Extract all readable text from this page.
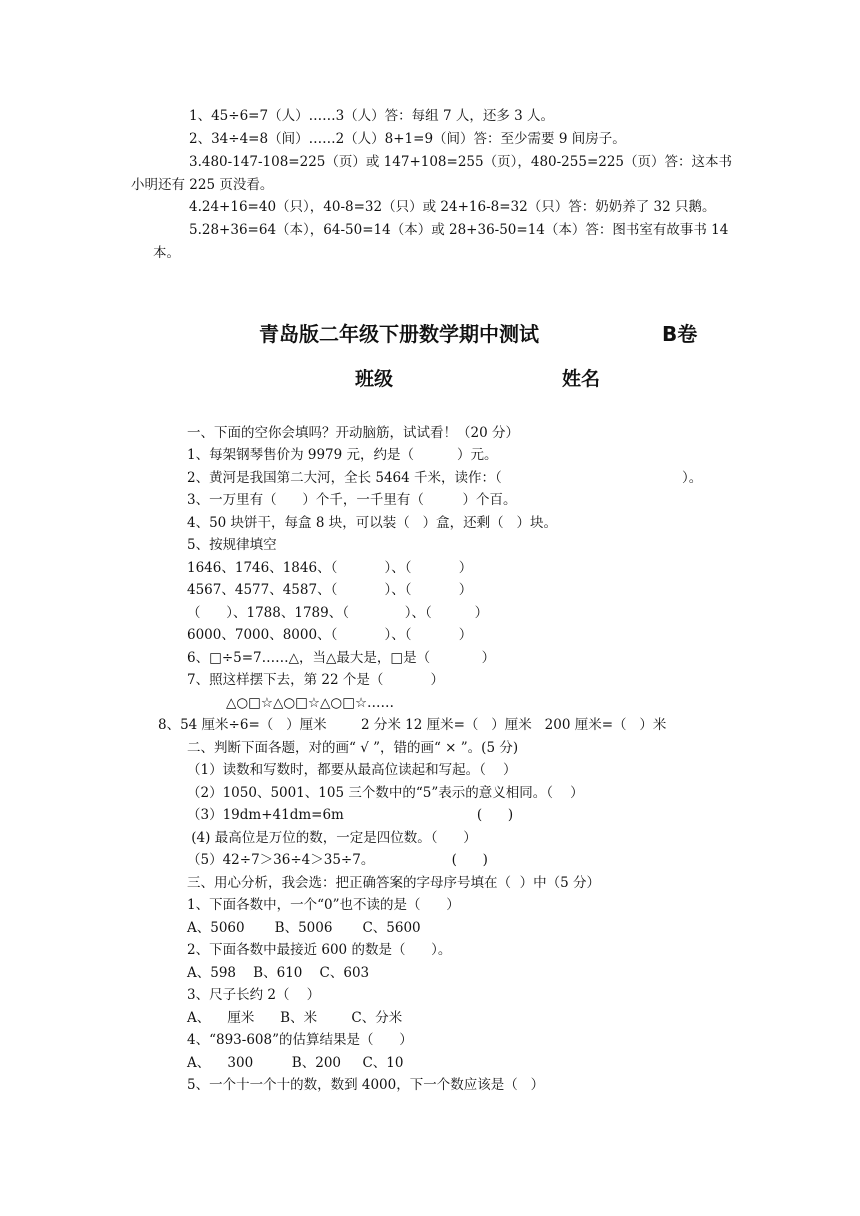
1、45÷6=7（人）……3（人）答：每组 7 人，还多 3 人。

2、34÷4=8（间）……2（人）8+1=9（间）答：至少需要 9 间房子。

3.480-147-108=225（页）或 147+108=255（页），480-255=225（页）答：这本书

小明还有 225 页没看。

4.24+16=40（只），40-8=32（只）或 24+16-8=32（只）答：奶奶养了 32 只鹅。

5.28+36=64（本），64-50=14（本）或 28+36-50=14（本）答：图书室有故事书 14

本。

青岛版二年级下册数学期中测试	B卷
班级	姓名

一、下面的空你会填吗？开动脑筋，试试看！（20 分）

1、每架钢琴售价为 9979 元，约是（          ）元。

2、黄河是我国第二大河，全长 5464 千米，读作：（                                          ）。

3、一万里有（      ）个千，一千里有（         ）个百。

4、50 块饼干，每盒 8 块，可以装（   ）盒，还剩（   ）块。

5、按规律填空

1646、1746、1846、（           ）、（           ）

4567、4577、4587、（           ）、（           ）

（      ）、1788、1789、（             ）、（          ）

6000、7000、8000、（           ）、（           ）

6、□÷5=7……△，当△最大是，□是（            ）

7、照这样摆下去，第 22 个是（           ）

△○□☆△○□☆△○□☆……

8、54 厘米÷6=（   ）厘米        2 分米 12 厘米=（   ）厘米   200 厘米=（   ）米

二、判断下面各题，对的画“ √ ”，错的画“ × ”。(5 分)

（1）读数和写数时，都要从最高位读起和写起。（    ）

（2）1050、5001、105 三个数中的“5”表示的意义相同。（    ）

（3）19dm+41dm=6m                               (      )

(4) 最高位是万位的数，一定是四位数。（      ）

（5）42÷7＞36÷4＞35÷7。                  (      )

三、用心分析，我会选：把正确答案的字母序号填在（  ）中（5 分）

1、下面各数中，一个“0”也不读的是（      ）

A、5060       B、5006       C、5600

2、下面各数中最接近 600 的数是（      ）。

A、598    B、610    C、603

3、尺子长约 2（    ）

A、    厘米      B、米        C、分米

4、“893-608”的估算结果是（      ）

A、    300         B、200     C、10

5、一个十一个十的数，数到 4000，下一个数应该是（   ）
